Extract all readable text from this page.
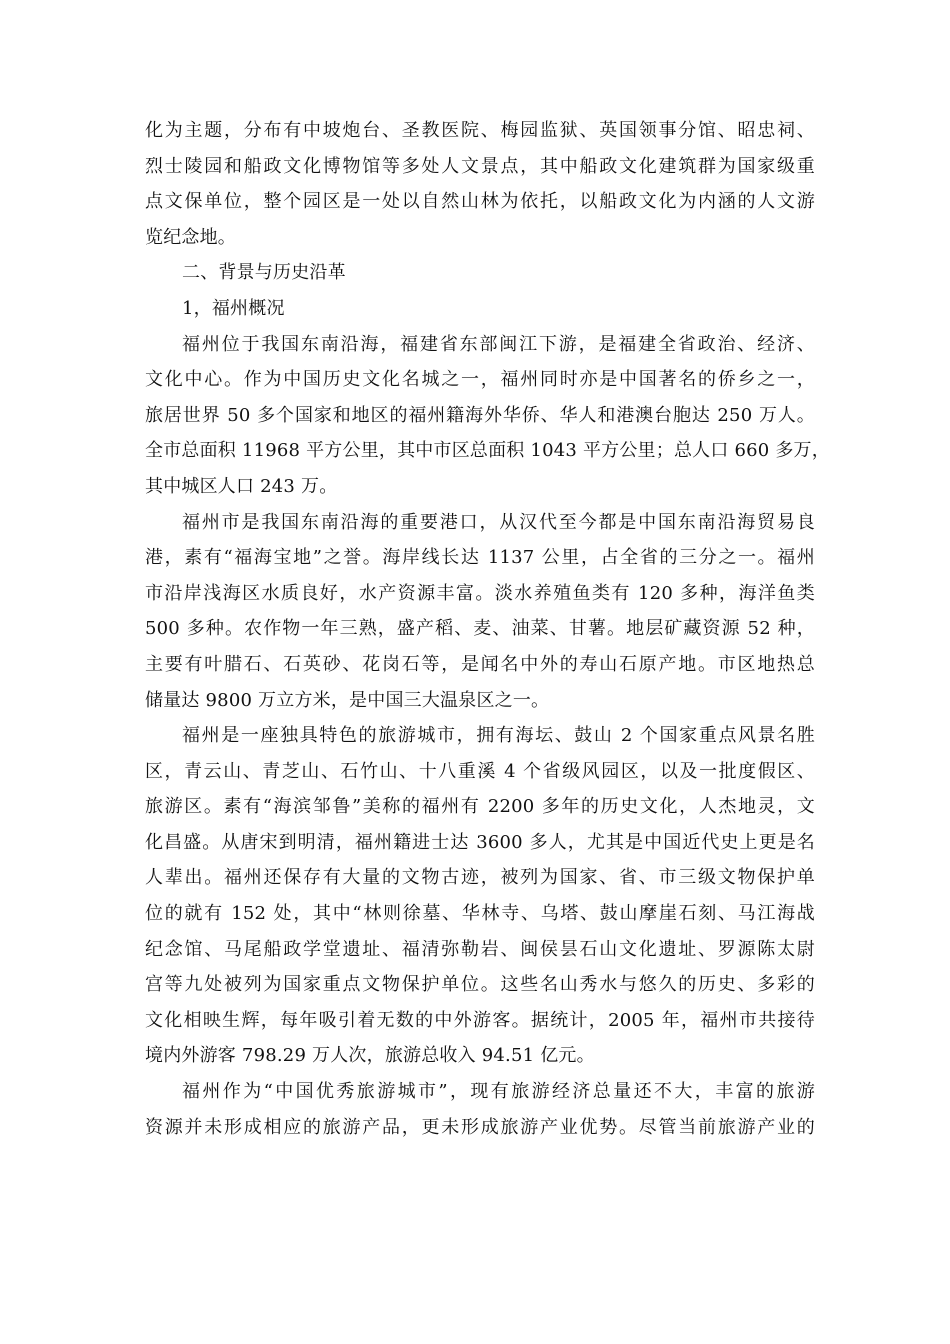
化为主题，分布有中坡炮台、圣教医院、梅园监狱、英国领事分馆、昭忠祠、
烈士陵园和船政文化博物馆等多处人文景点，其中船政文化建筑群为国家级重
点文保单位，整个园区是一处以自然山林为依托，以船政文化为内涵的人文游
览纪念地。
二、背景与历史沿革
1，福州概况
福州位于我国东南沿海，福建省东部闽江下游，是福建全省政治、经济、
文化中心。作为中国历史文化名城之一，福州同时亦是中国著名的侨乡之一，
旅居世界 50 多个国家和地区的福州籍海外华侨、华人和港澳台胞达 250 万人。
全市总面积 11968 平方公里，其中市区总面积 1043 平方公里；总人口 660 多万，
其中城区人口 243 万。
福州市是我国东南沿海的重要港口，从汉代至今都是中国东南沿海贸易良
港，素有“福海宝地”之誉。海岸线长达 1137 公里，占全省的三分之一。福州
市沿岸浅海区水质良好，水产资源丰富。淡水养殖鱼类有 120 多种，海洋鱼类
500 多种。农作物一年三熟，盛产稻、麦、油菜、甘薯。地层矿藏资源 52 种，
主要有叶腊石、石英砂、花岗石等，是闻名中外的寿山石原产地。市区地热总
储量达 9800 万立方米，是中国三大温泉区之一。
福州是一座独具特色的旅游城市，拥有海坛、鼓山 2 个国家重点风景名胜
区，青云山、青芝山、石竹山、十八重溪 4 个省级风园区，以及一批度假区、
旅游区。素有“海滨邹鲁”美称的福州有 2200 多年的历史文化，人杰地灵，文
化昌盛。从唐宋到明清，福州籍进士达 3600 多人，尤其是中国近代史上更是名
人辈出。福州还保存有大量的文物古迹，被列为国家、省、市三级文物保护单
位的就有 152 处，其中“林则徐墓、华林寺、乌塔、鼓山摩崖石刻、马江海战
纪念馆、马尾船政学堂遗址、福清弥勒岩、闽侯昙石山文化遗址、罗源陈太尉
宫等九处被列为国家重点文物保护单位。这些名山秀水与悠久的历史、多彩的
文化相映生辉，每年吸引着无数的中外游客。据统计，2005 年，福州市共接待
境内外游客 798.29 万人次，旅游总收入 94.51 亿元。
福州作为“中国优秀旅游城市”，现有旅游经济总量还不大，丰富的旅游
资源并未形成相应的旅游产品，更未形成旅游产业优势。尽管当前旅游产业的
